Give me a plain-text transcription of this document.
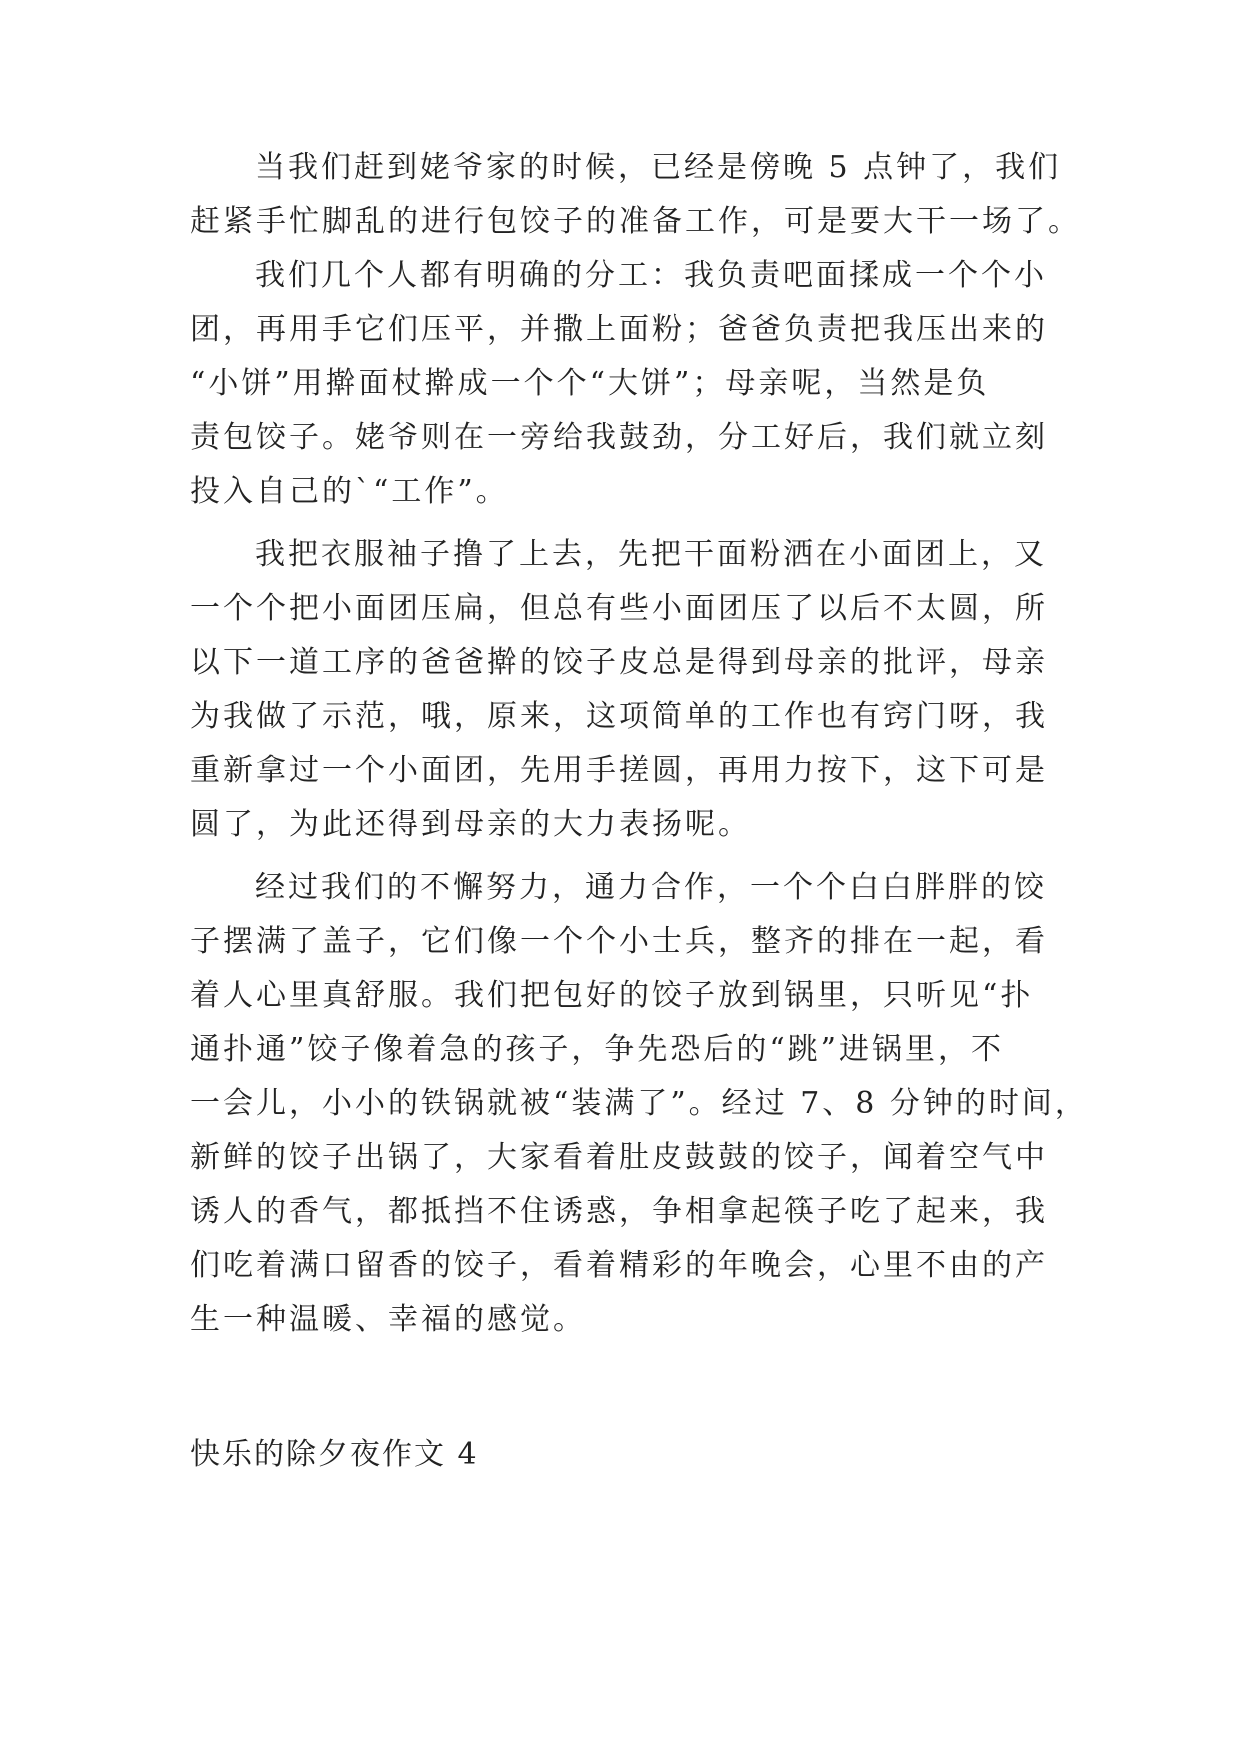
当我们赶到姥爷家的时候，已经是傍晚 5 点钟了，我们
赶紧手忙脚乱的进行包饺子的准备工作，可是要大干一场了。
我们几个人都有明确的分工：我负责吧面揉成一个个小
团，再用手它们压平，并撒上面粉；爸爸负责把我压出来的
“小饼”用擀面杖擀成一个个“大饼”；母亲呢，当然是负
责包饺子。姥爷则在一旁给我鼓劲，分工好后，我们就立刻
投入自己的`“工作”。
我把衣服袖子撸了上去，先把干面粉洒在小面团上，又
一个个把小面团压扁，但总有些小面团压了以后不太圆，所
以下一道工序的爸爸擀的饺子皮总是得到母亲的批评，母亲
为我做了示范，哦，原来，这项简单的工作也有窍门呀，我
重新拿过一个小面团，先用手搓圆，再用力按下，这下可是
圆了，为此还得到母亲的大力表扬呢。
经过我们的不懈努力，通力合作，一个个白白胖胖的饺
子摆满了盖子，它们像一个个小士兵，整齐的排在一起，看
着人心里真舒服。我们把包好的饺子放到锅里，只听见“扑
通扑通”饺子像着急的孩子，争先恐后的“跳”进锅里，不
一会儿，小小的铁锅就被“装满了”。经过 7、8 分钟的时间，
新鲜的饺子出锅了，大家看着肚皮鼓鼓的饺子，闻着空气中
诱人的香气，都抵挡不住诱惑，争相拿起筷子吃了起来，我
们吃着满口留香的饺子，看着精彩的年晚会，心里不由的产
生一种温暖、幸福的感觉。
快乐的除夕夜作文 4
